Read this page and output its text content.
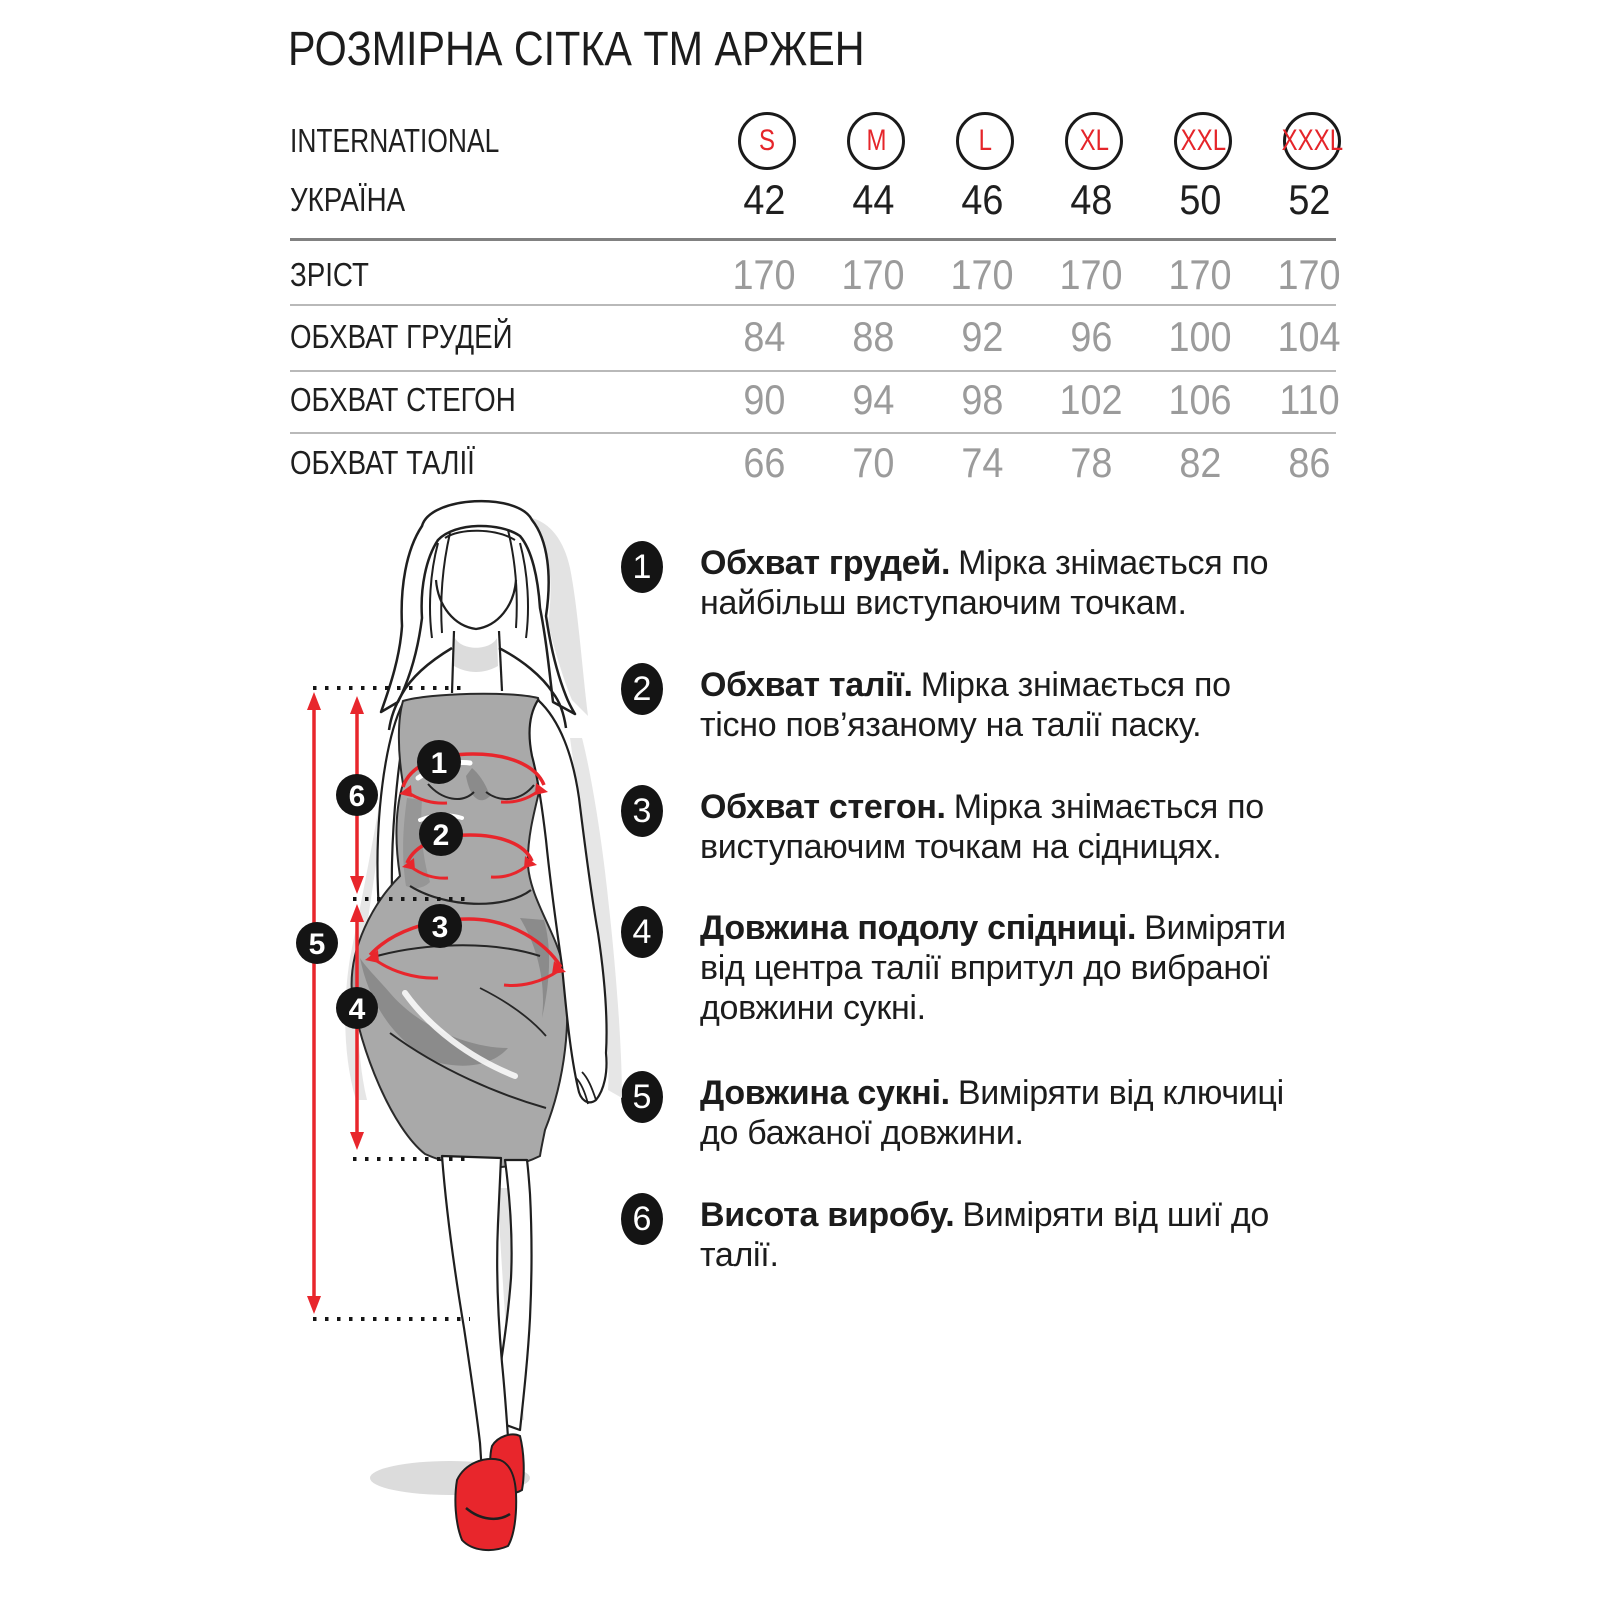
РОЗМІРНА СІТКА ТМ АРЖЕН
INTERNATIONAL	S	M	L	XL XXL XXXL
УКРАЇНА	42	44	46	48	50	52
ЗРІСТ	170	170	170	170	170	170
ОБХВАТ ГРУДЕЙ	84	88	92	96	100	104
ОБХВАТ СТЕГОН	90	94	98	102	106	110
ОБХВАТ ТАЛІЇ	66	70	74	78	82	86
1 Обхват грудей. Мірка знімається по найбільш виступаючим точкам.
2 Обхват талії. Мірка знімається по тісно пов’язаному на талії паску.
3 Обхват стегон. Мірка знімається по виступаючим точкам на сідницях.
4 Довжина подолу спідниці. Виміряти від центра талії впритул до вибраної довжини сукні.
5 Довжина сукні. Виміряти від ключиці до бажаної довжини.
6 Висота виробу. Виміряти від шиї до талії.
1
2
3
4
5
6
